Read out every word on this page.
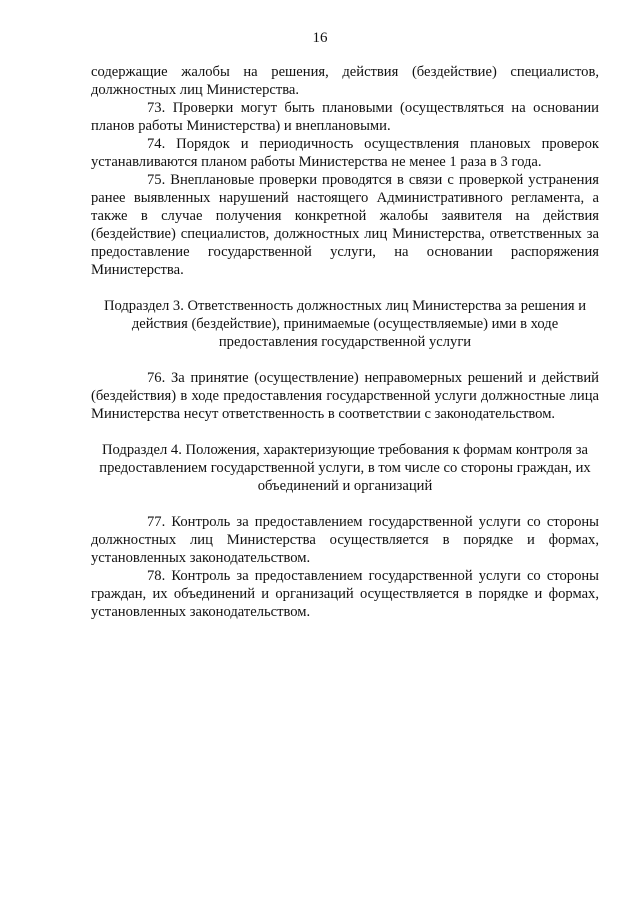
16

содержащие жалобы на решения, действия (бездействие) специалистов, должностных лиц Министерства.

73. Проверки могут быть плановыми (осуществляться на основании планов работы Министерства) и внеплановыми.

74. Порядок и периодичность осуществления плановых проверок устанавливаются планом работы Министерства не менее 1 раза в 3 года.

75. Внеплановые проверки проводятся в связи с проверкой устранения ранее выявленных нарушений настоящего Административного регламента, а также в случае получения конкретной жалобы заявителя на действия (бездействие) специалистов, должностных лиц Министерства, ответственных за предоставление государственной услуги, на основании распоряжения Министерства.

Подраздел 3. Ответственность должностных лиц Министерства за решения и действия (бездействие), принимаемые (осуществляемые) ими в ходе предоставления государственной услуги

76. За принятие (осуществление) неправомерных решений и действий (бездействия) в ходе предоставления государственной услуги должностные лица Министерства несут ответственность в соответствии с законодательством.

Подраздел 4. Положения, характеризующие требования к формам контроля за предоставлением государственной услуги, в том числе со стороны граждан, их объединений и организаций

77. Контроль за предоставлением государственной услуги со стороны должностных лиц Министерства осуществляется в порядке и формах, установленных законодательством.

78. Контроль за предоставлением государственной услуги со стороны граждан, их объединений и организаций осуществляется в порядке и формах, установленных законодательством.
